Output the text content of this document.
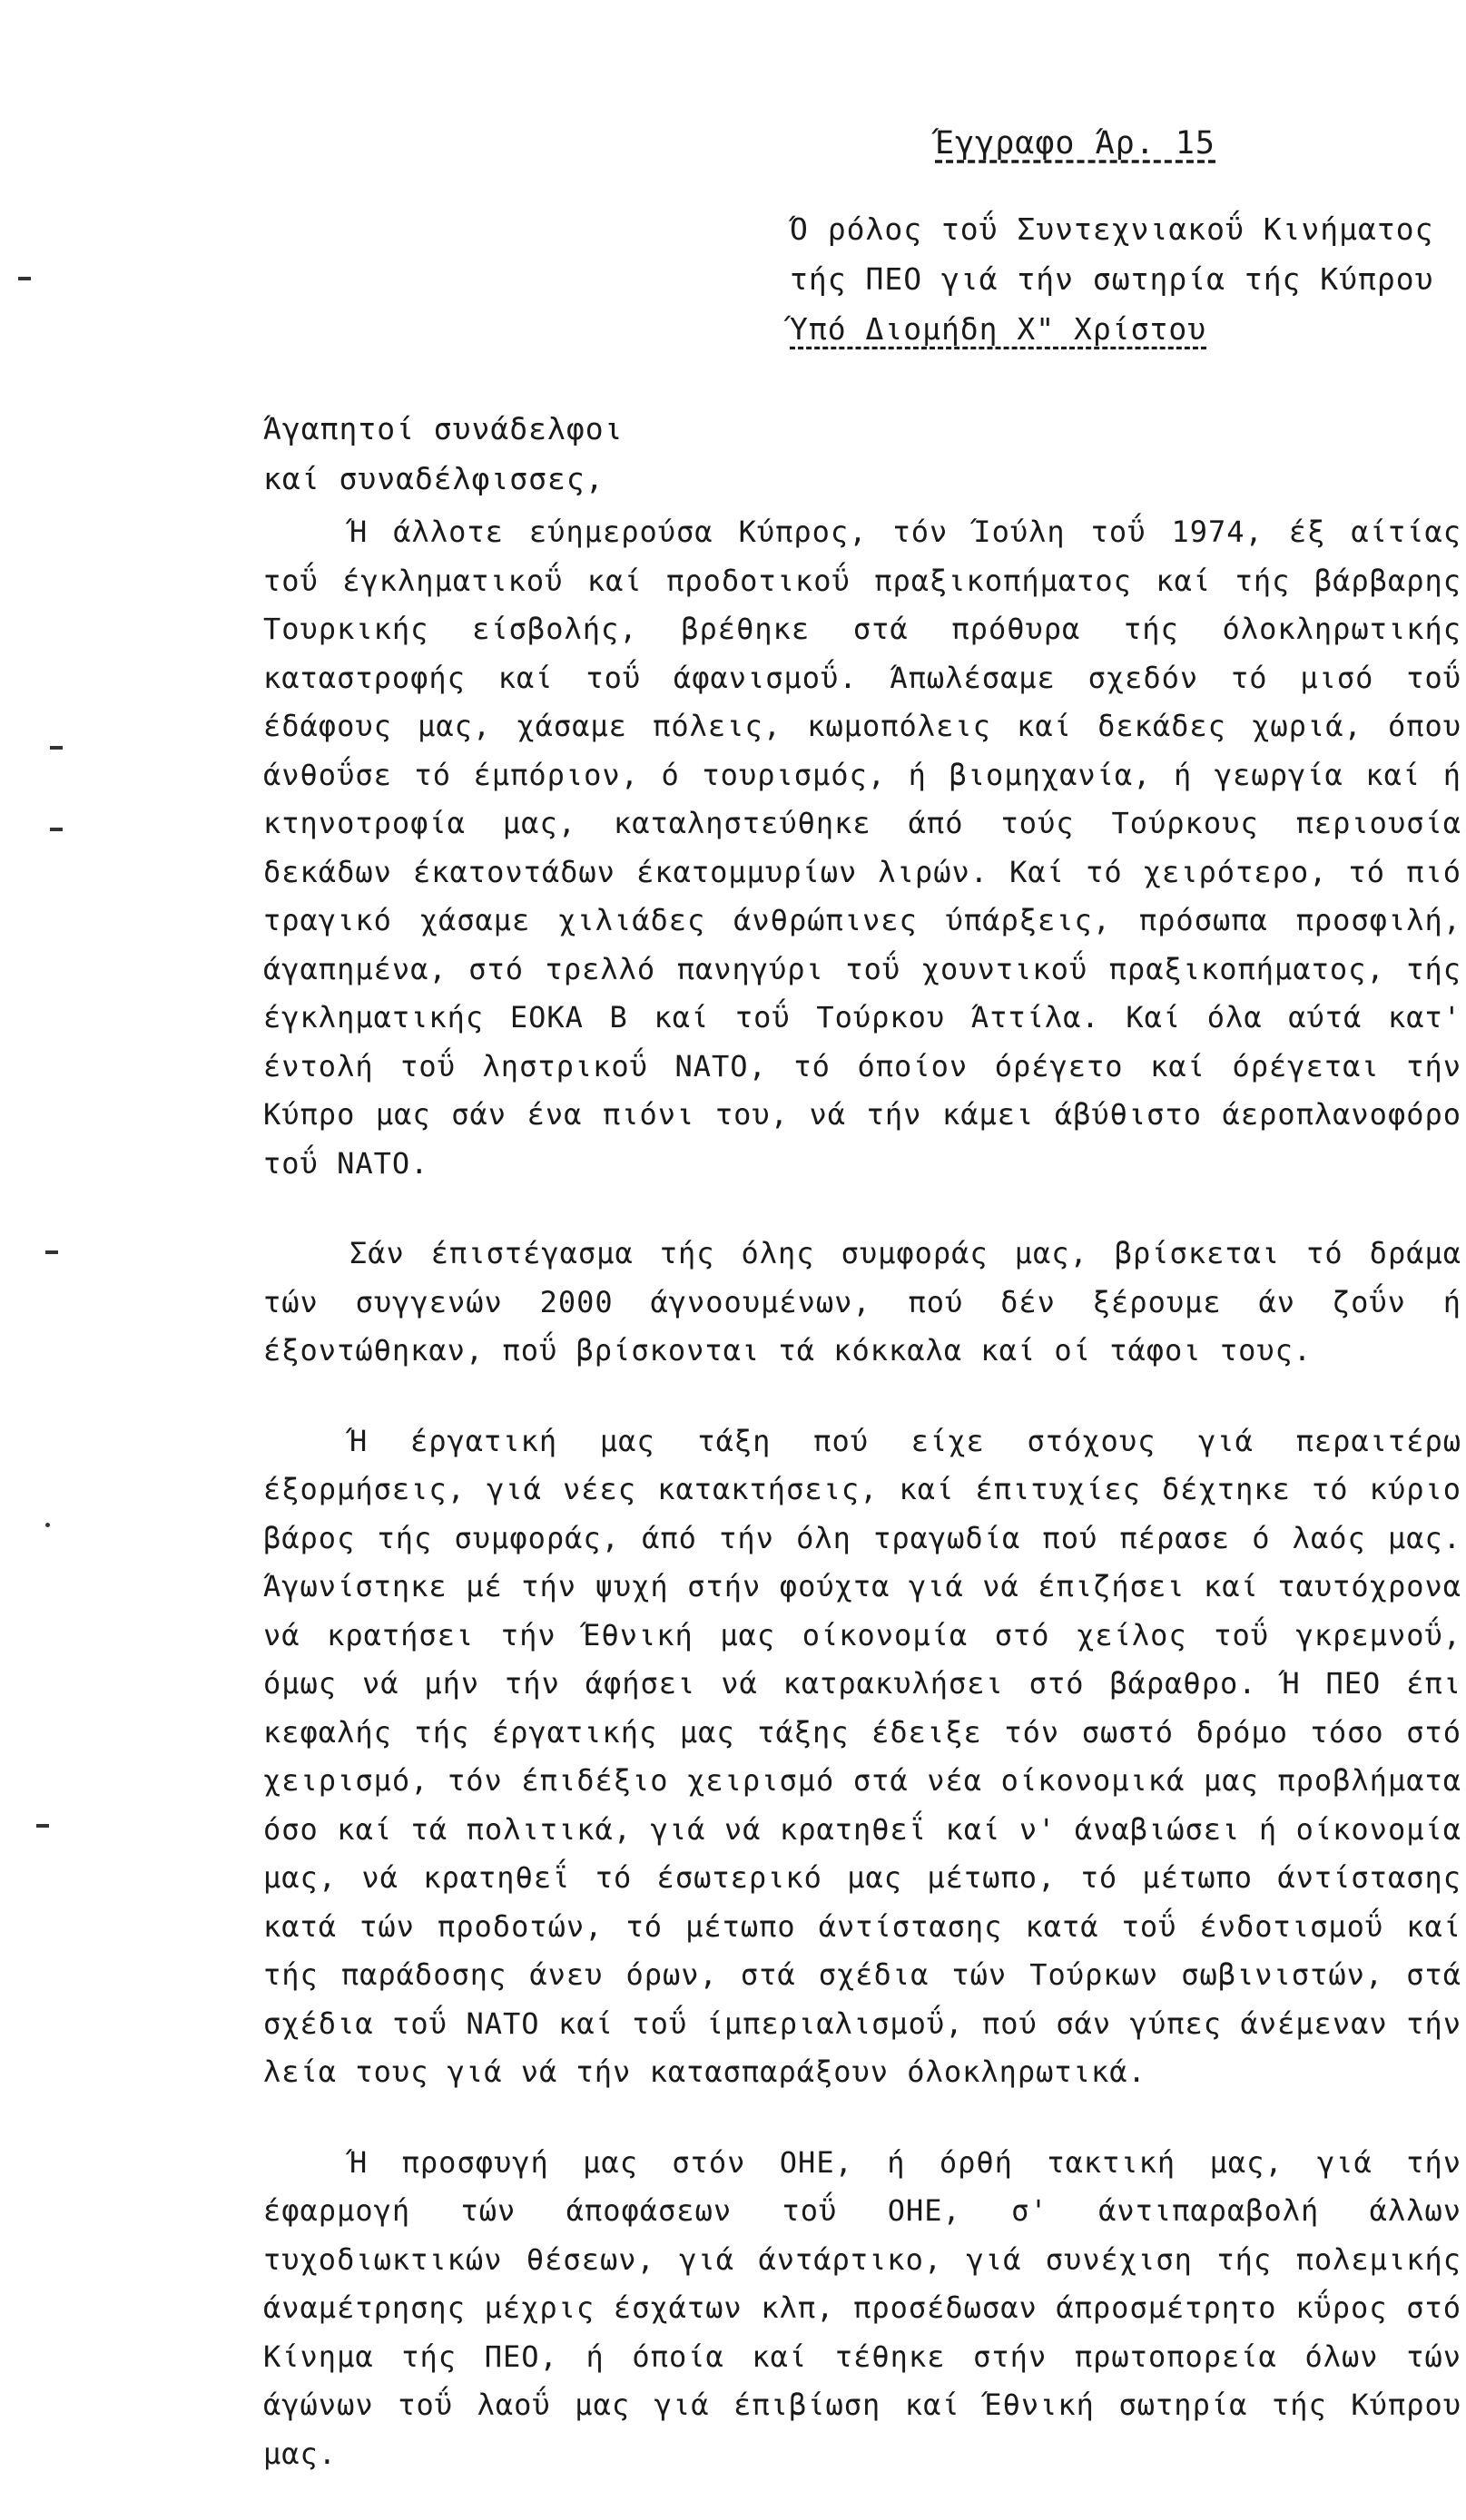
Έγγραφο Άρ. 15
Ό ρόλος τοΰ Συντεχνιακοΰ Κινήματος
τής ΠΕΟ γιά τήν σωτηρία τής Κύπρου
Ύπό Διομήδη Χ" Χρίστου
Άγαπητοί συνάδελφοι
καί συναδέλφισσες,

Ή άλλοτε εύημερούσα Κύπρος, τόν Ίούλη τοΰ 1974, έξ αίτίας τοΰ έγκληματικοΰ καί προδοτικοΰ πραξικοπήματος καί τής βάρβαρης Τουρκικής είσβολής, βρέθηκε στά πρόθυρα τής όλοκληρωτικής καταστροφής καί τοΰ άφανισμοΰ. Άπωλέσαμε σχεδόν τό μισό τοΰ έδάφους μας, χάσαμε πόλεις, κωμοπόλεις καί δεκάδες χωριά, όπου άνθοΰσε τό έμπόριον, ό τουρισμός, ή βιομηχανία, ή γεωργία καί ή κτηνοτροφία μας, καταληστεύθηκε άπό τούς Τούρκους περιουσία δεκάδων έκατοντάδων έκατομμυρίων λιρών. Καί τό χειρότερο, τό πιό τραγικό χάσαμε χιλιάδες άνθρώπινες ύπάρξεις, πρόσωπα προσφιλή, άγαπημένα, στό τρελλό πανηγύρι τοΰ χουντικοΰ πραξικοπήματος, τής έγκληματικής ΕΟΚΑ Β καί τοΰ Τούρκου Άττίλα. Καί όλα αύτά κατ' έντολή τοΰ ληστρικοΰ ΝΑΤΟ, τό όποίον όρέγετο καί όρέγεται τήν Κύπρο μας σάν ένα πιόνι του, νά τήν κάμει άβύθιστο άεροπλανοφόρο τοΰ ΝΑΤΟ.

Σάν έπιστέγασμα τής όλης συμφοράς μας, βρίσκεται τό δράμα τών συγγενών 2000 άγνοουμένων, πού δέν ξέρουμε άν ζοΰν ή έξοντώθηκαν, ποΰ βρίσκονται τά κόκκαλα καί οί τάφοι τους.

Ή έργατική μας τάξη πού είχε στόχους γιά περαιτέρω έξορμήσεις, γιά νέες κατακτήσεις, καί έπιτυχίες δέχτηκε τό κύριο βάρος τής συμφοράς, άπό τήν όλη τραγωδία πού πέρασε ό λαός μας. Άγωνίστηκε μέ τήν ψυχή στήν φούχτα γιά νά έπιζήσει καί ταυτόχρονα νά κρατήσει τήν Έθνική μας οίκονομία στό χείλος τοΰ γκρεμνοΰ, όμως νά μήν τήν άφήσει νά κατρακυλήσει στό βάραθρο. Ή ΠΕΟ έπι κεφαλής τής έργατικής μας τάξης έδειξε τόν σωστό δρόμο τόσο στό χειρισμό, τόν έπιδέξιο χειρισμό στά νέα οίκονομικά μας προβλήματα όσο καί τά πολιτικά, γιά νά κρατηθεΐ καί ν' άναβιώσει ή οίκονομία μας, νά κρατηθεΐ τό έσωτερικό μας μέτωπο, τό μέτωπο άντίστασης κατά τών προδοτών, τό μέτωπο άντίστασης κατά τοΰ ένδοτισμοΰ καί τής παράδοσης άνευ όρων, στά σχέδια τών Τούρκων σωβινιστών, στά σχέδια τοΰ ΝΑΤΟ καί τοΰ ίμπεριαλισμοΰ, πού σάν γύπες άνέμεναν τήν λεία τους γιά νά τήν κατασπαράξουν όλοκληρωτικά.

Ή προσφυγή μας στόν ΟΗΕ, ή όρθή τακτική μας, γιά τήν έφαρμογή τών άποφάσεων τοΰ ΟΗΕ, σ' άντιπαραβολή άλλων τυχοδιωκτικών θέσεων, γιά άντάρτικο, γιά συνέχιση τής πολεμικής άναμέτρησης μέχρις έσχάτων κλπ, προσέδωσαν άπροσμέτρητο κΰρος στό Κίνημα τής ΠΕΟ, ή όποία καί τέθηκε στήν πρωτοπορεία όλων τών άγώνων τοΰ λαοΰ μας γιά έπιβίωση καί Έθνική σωτηρία τής Κύπρου μας.
